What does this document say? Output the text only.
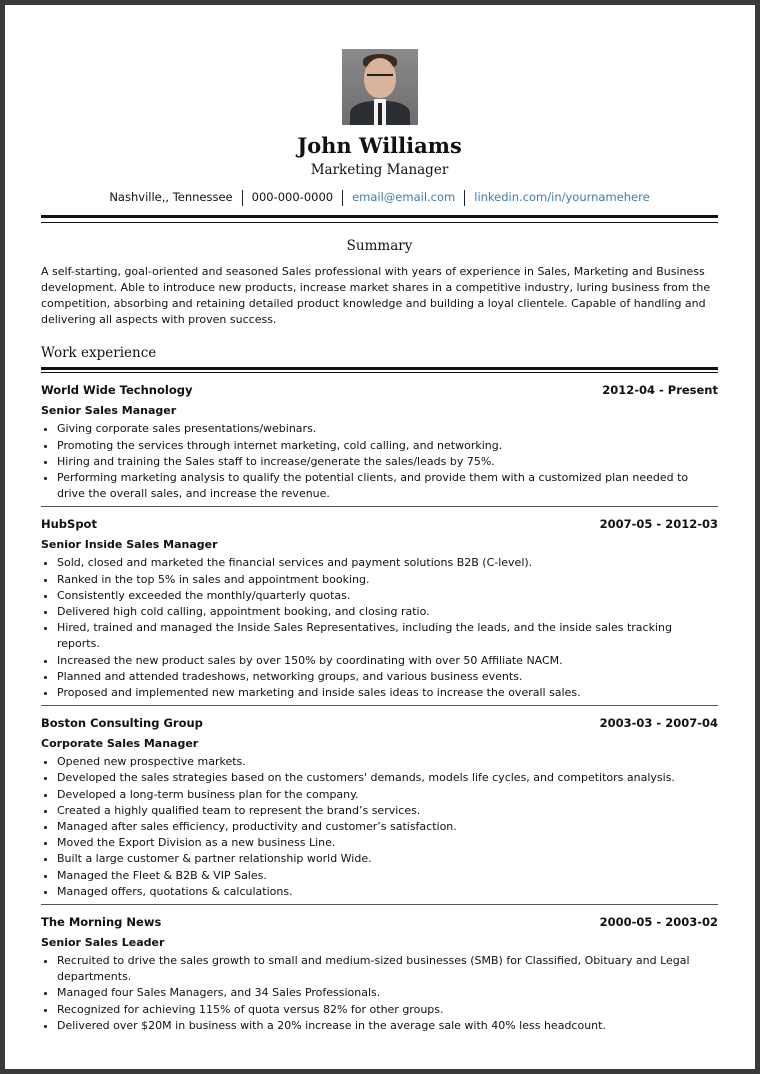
John Williams
Marketing Manager
Nashville,, Tennessee 000-000-0000 email@email.com linkedin.com/in/yournamehere
Summary
A self-starting, goal-oriented and seasoned Sales professional with years of experience in Sales, Marketing and Business development. Able to introduce new products, increase market shares in a competitive industry, luring business from the competition, absorbing and retaining detailed product knowledge and building a loyal clientele. Capable of handling and delivering all aspects with proven success.
Work experience
World Wide Technology	2012-04 - Present
Senior Sales Manager
• Giving corporate sales presentations/webinars.
• Promoting the services through internet marketing, cold calling, and networking.
• Hiring and training the Sales staff to increase/generate the sales/leads by 75%.
• Performing marketing analysis to qualify the potential clients, and provide them with a customized plan needed to drive the overall sales, and increase the revenue.
HubSpot	2007-05 - 2012-03
Senior Inside Sales Manager
• Sold, closed and marketed the financial services and payment solutions B2B (C-level).
• Ranked in the top 5% in sales and appointment booking.
• Consistently exceeded the monthly/quarterly quotas.
• Delivered high cold calling, appointment booking, and closing ratio.
• Hired, trained and managed the Inside Sales Representatives, including the leads, and the inside sales tracking reports.
• Increased the new product sales by over 150% by coordinating with over 50 Affiliate NACM.
• Planned and attended tradeshows, networking groups, and various business events.
• Proposed and implemented new marketing and inside sales ideas to increase the overall sales.
Boston Consulting Group	2003-03 - 2007-04
Corporate Sales Manager
• Opened new prospective markets.
• Developed the sales strategies based on the customers' demands, models life cycles, and competitors analysis.
• Developed a long-term business plan for the company.
• Created a highly qualified team to represent the brand’s services.
• Managed after sales efficiency, productivity and customer’s satisfaction.
• Moved the Export Division as a new business Line.
• Built a large customer & partner relationship world Wide.
• Managed the Fleet & B2B & VIP Sales.
• Managed offers, quotations & calculations.
The Morning News	2000-05 - 2003-02
Senior Sales Leader
• Recruited to drive the sales growth to small and medium-sized businesses (SMB) for Classified, Obituary and Legal departments.
• Managed four Sales Managers, and 34 Sales Professionals.
• Recognized for achieving 115% of quota versus 82% for other groups.
• Delivered over $20M in business with a 20% increase in the average sale with 40% less headcount.
